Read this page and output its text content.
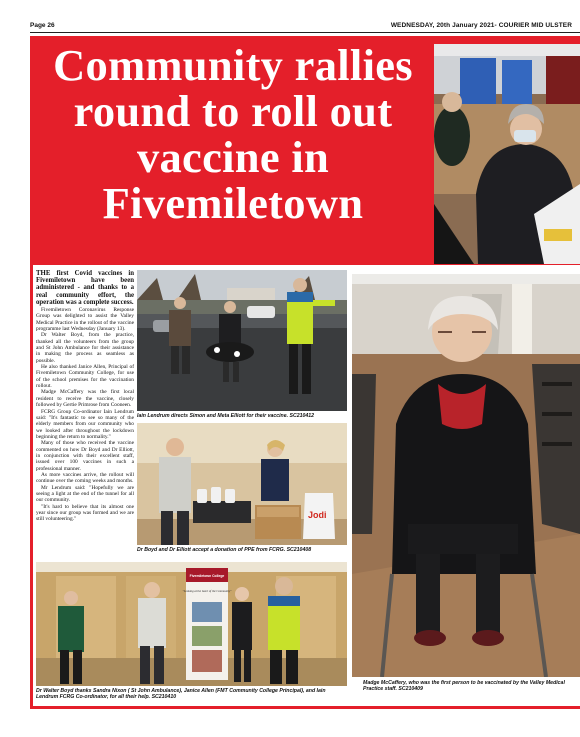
Page 26	WEDNESDAY, 20th January 2021- COURIER MID ULSTER
Community rallies round to roll out vaccine in Fivemiletown

THE first Covid vaccines in Fivemiletown have been administered - and thanks to a real community effort, the operation was a complete success.

Fivemiletown Coronavirus Response Group was delighted to assist the Valley Medical Practice in the rollout of the vaccine programme last Wednesday (January 13).

Dr Walter Boyd, from the practice, thanked all the volunteers from the group and St John Ambulance for their assistance in making the process as seamless as possible.

He also thanked Janice Allen, Principal of Fivemiletown Community College, for use of the school premises for the vaccination rollout.

Madge McCaffery was the first local resident to receive the vaccine, closely followed by Gertie Primrose from Cooneen.

FCRG Group Co-ordinator Iain Lendrum said: "It's fantastic to see so many of the elderly members from our community who we looked after throughout the lockdown beginning the return to normality."

Many of those who received the vaccine commented on how Dr Boyd and Dr Elliott, in conjunction with their excellent staff, issued over 100 vaccines in such a professional manner.

As more vaccines arrive, the rollout will continue over the coming weeks and months.

Mr Lendrum said: "Hopefully we are seeing a light at the end of the tunnel for all our community.

"It's hard to believe that its almost one year since our group was formed and we are still volunteering."

Iain Lendrum directs Simon and Meta Elliott for their vaccine. SC210412
Jodi
Dr Boyd and Dr Elliott accept a donation of PPE from FCRG. SC210408
Fivemiletown College
"Looking at the heart of the Community"
Dr Walter Boyd thanks Sandra Nixon ( St John Ambulance), Janice Allen (FMT Community College Principal), and Iain Lendrum FCRG Co-ordinator, for all their help. SC210410
Madge McCaffery, who was the first person to be vaccinated by the Valley Medical Practice staff. SC210409
